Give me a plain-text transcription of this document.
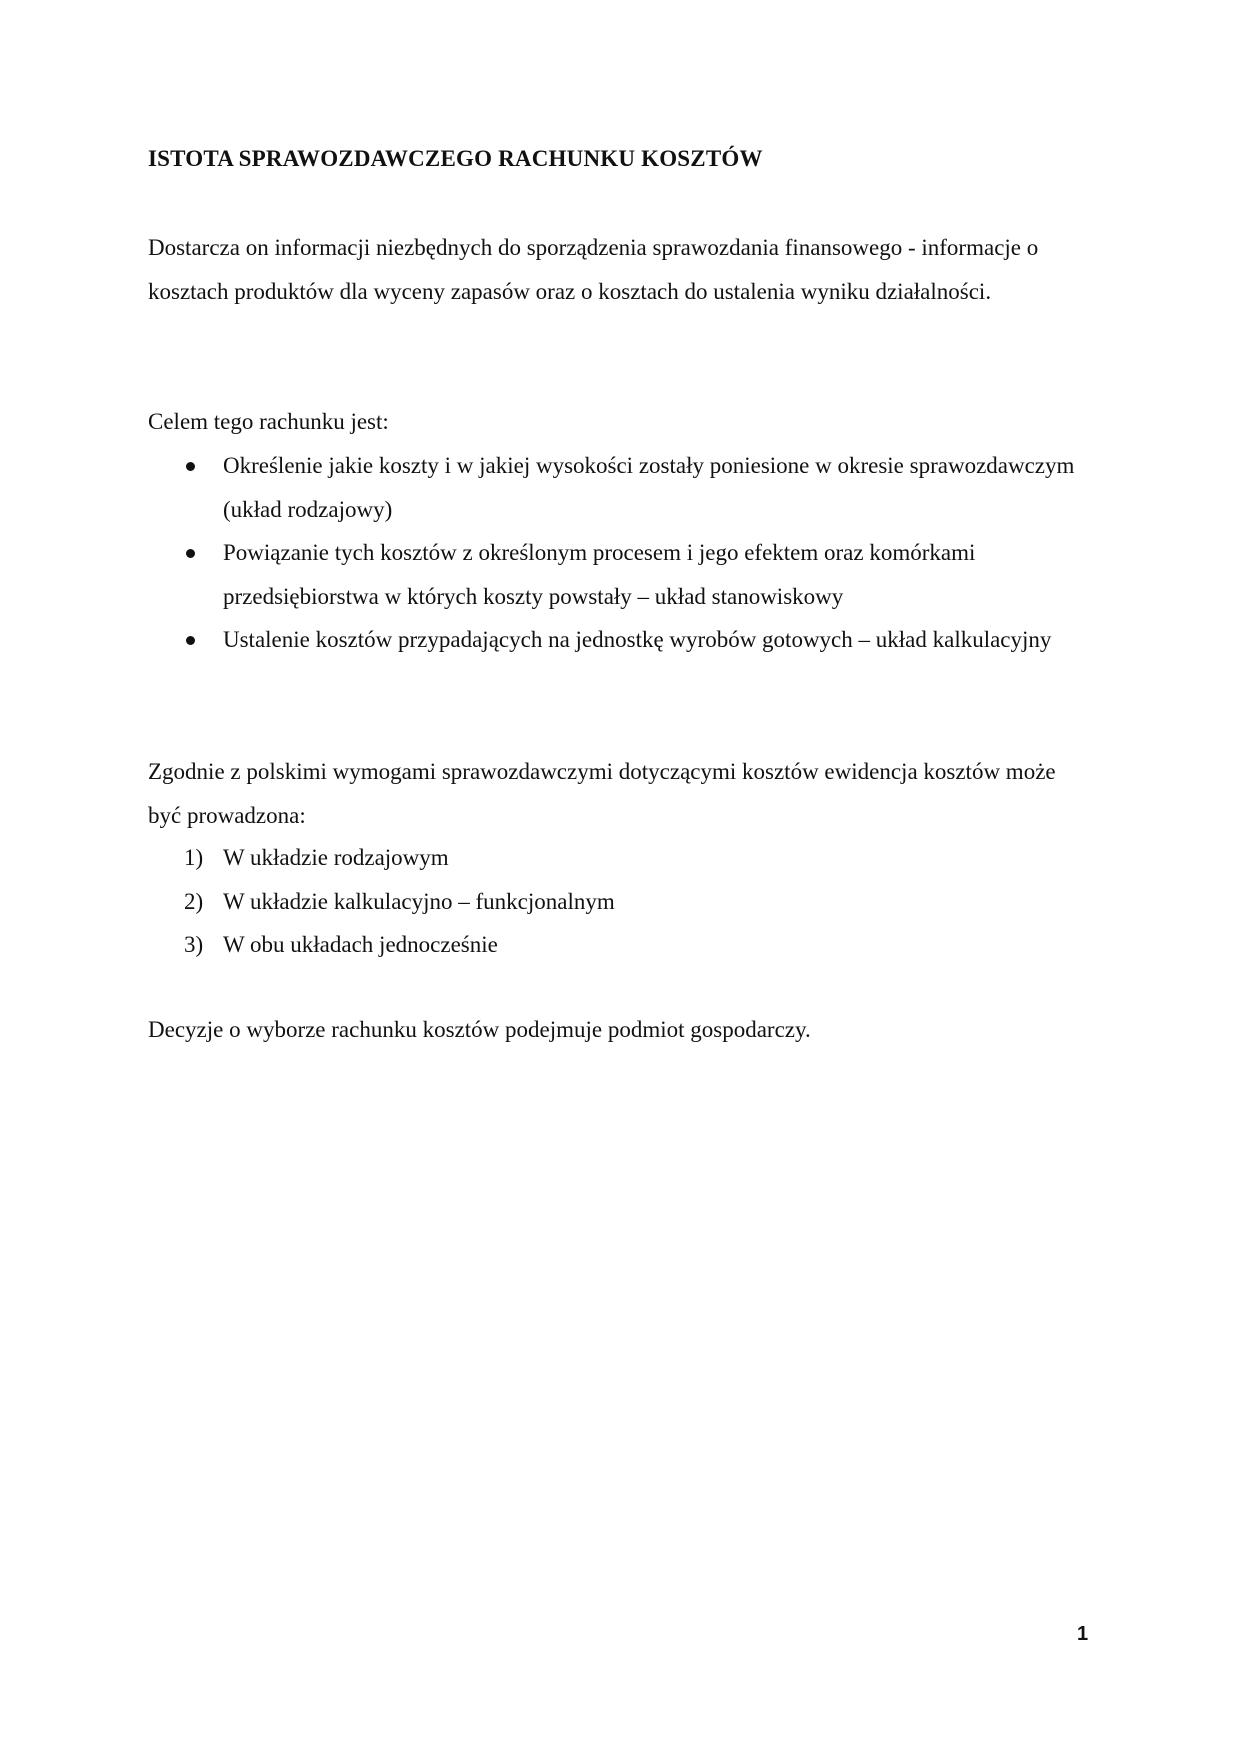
ISTOTA SPRAWOZDAWCZEGO RACHUNKU KOSZTÓW

Dostarcza on informacji niezbędnych do sporządzenia sprawozdania finansowego - informacje o kosztach produktów dla wyceny zapasów oraz o kosztach do ustalenia wyniku działalności.

Celem tego rachunku jest:
Określenie jakie koszty i w jakiej wysokości zostały poniesione w okresie sprawozdawczym (układ rodzajowy)
Powiązanie tych kosztów z określonym procesem i jego efektem oraz komórkami przedsiębiorstwa w których koszty powstały – układ stanowiskowy
Ustalenie kosztów przypadających na jednostkę wyrobów gotowych – układ kalkulacyjny

Zgodnie z polskimi wymogami sprawozdawczymi dotyczącymi kosztów ewidencja kosztów może być prowadzona:

1) W układzie rodzajowym
2) W układzie kalkulacyjno – funkcjonalnym
3) W obu układach jednocześnie
Decyzje o wyborze rachunku kosztów podejmuje podmiot gospodarczy.
1
